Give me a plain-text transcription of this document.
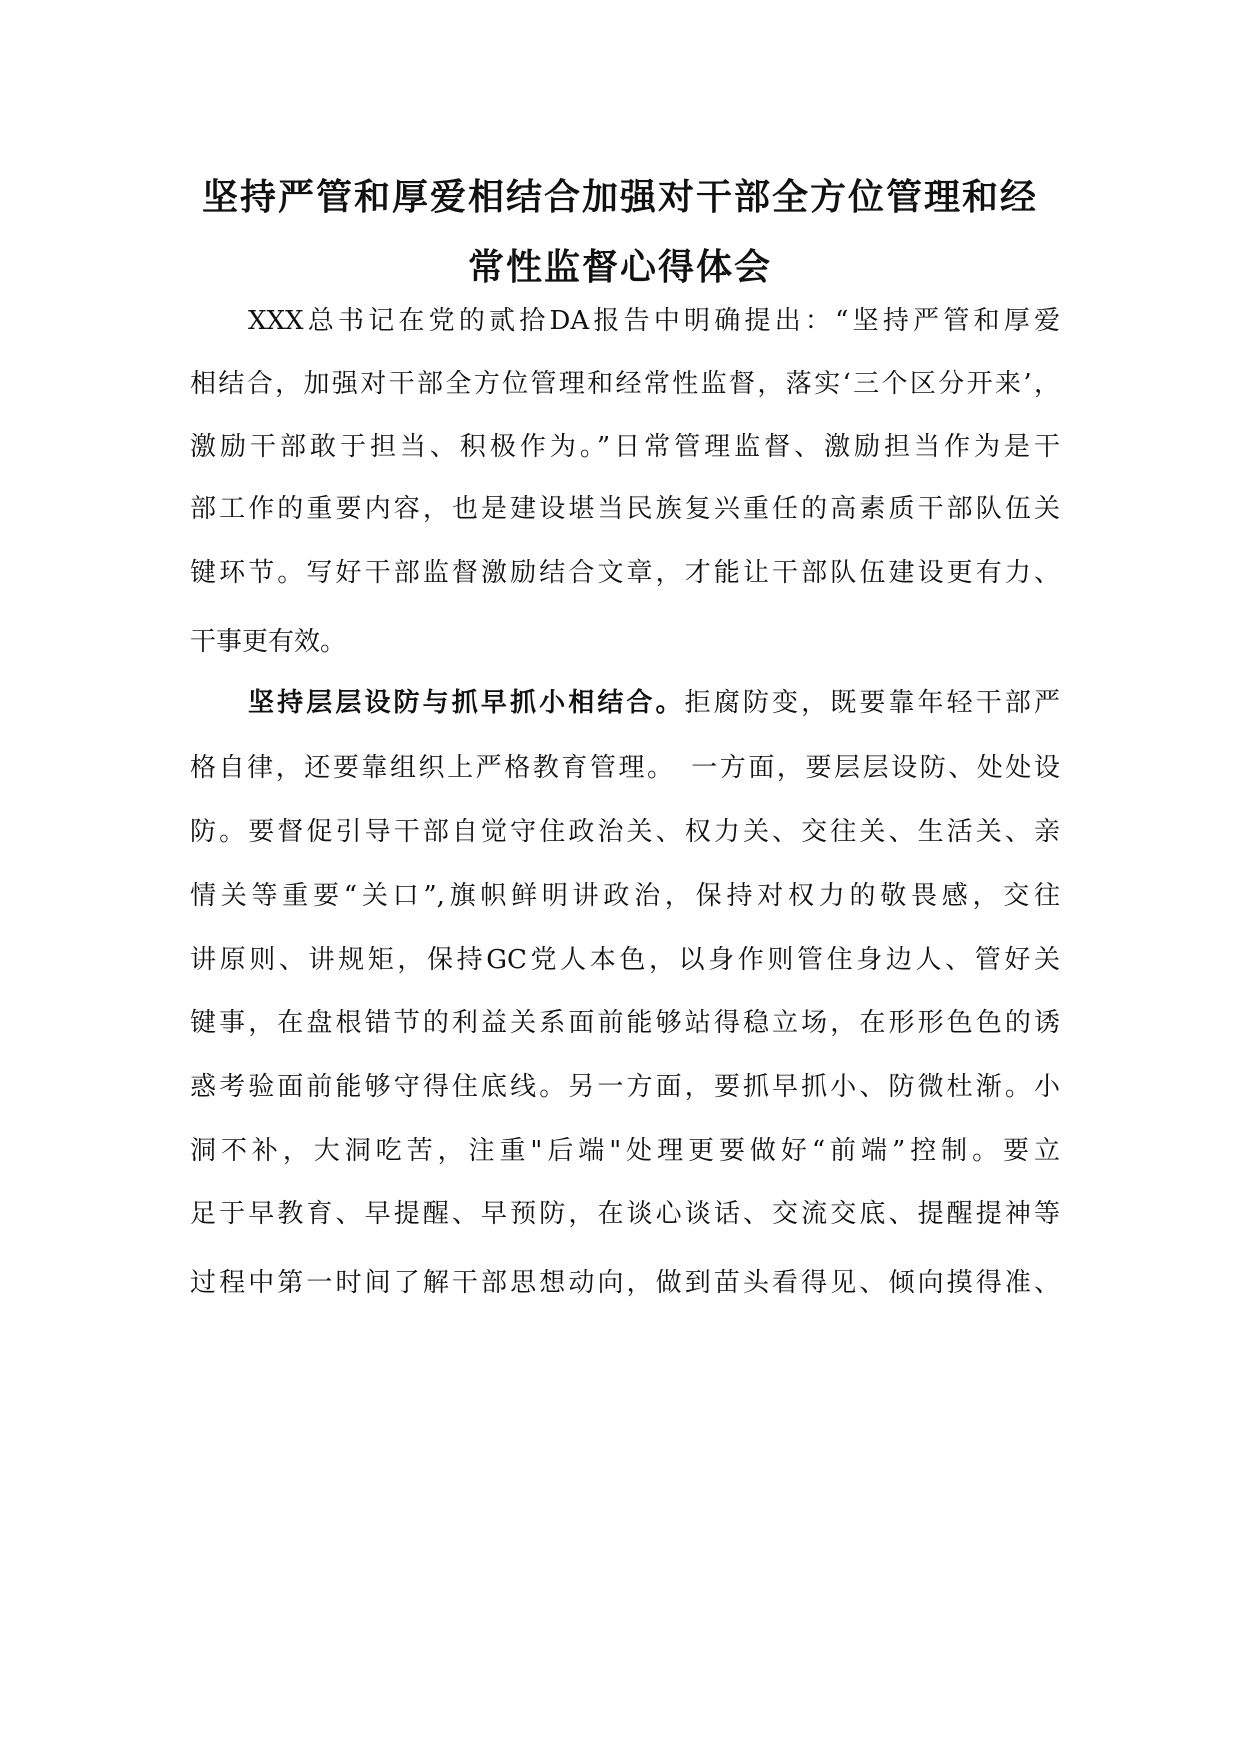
坚持严管和厚爱相结合加强对干部全方位管理和经
常性监督心得体会

XXX总书记在党的贰拾DA报告中明确提出：“坚持严管和厚爱

相结合，加强对干部全方位管理和经常性监督，落实‘三个区分开来’，

激励干部敢于担当、积极作为。”日常管理监督、激励担当作为是干

部工作的重要内容，也是建设堪当民族复兴重任的高素质干部队伍关

键环节。写好干部监督激励结合文章，才能让干部队伍建设更有力、

干事更有效。

坚持层层设防与抓早抓小相结合。拒腐防变，既要靠年轻干部严

格自律，还要靠组织上严格教育管理。　一方面，要层层设防、处处设

防。要督促引导干部自觉守住政治关、权力关、交往关、生活关、亲

情关等重要“关口”,旗帜鲜明讲政治，保持对权力的敬畏感，交往

讲原则、讲规矩，保持GC党人本色，以身作则管住身边人、管好关

键事，在盘根错节的利益关系面前能够站得稳立场，在形形色色的诱

惑考验面前能够守得住底线。另一方面，要抓早抓小、防微杜渐。小

洞不补，大洞吃苦，注重"后端"处理更要做好“前端”控制。要立

足于早教育、早提醒、早预防，在谈心谈话、交流交底、提醒提神等

过程中第一时间了解干部思想动向，做到苗头看得见、倾向摸得准、
